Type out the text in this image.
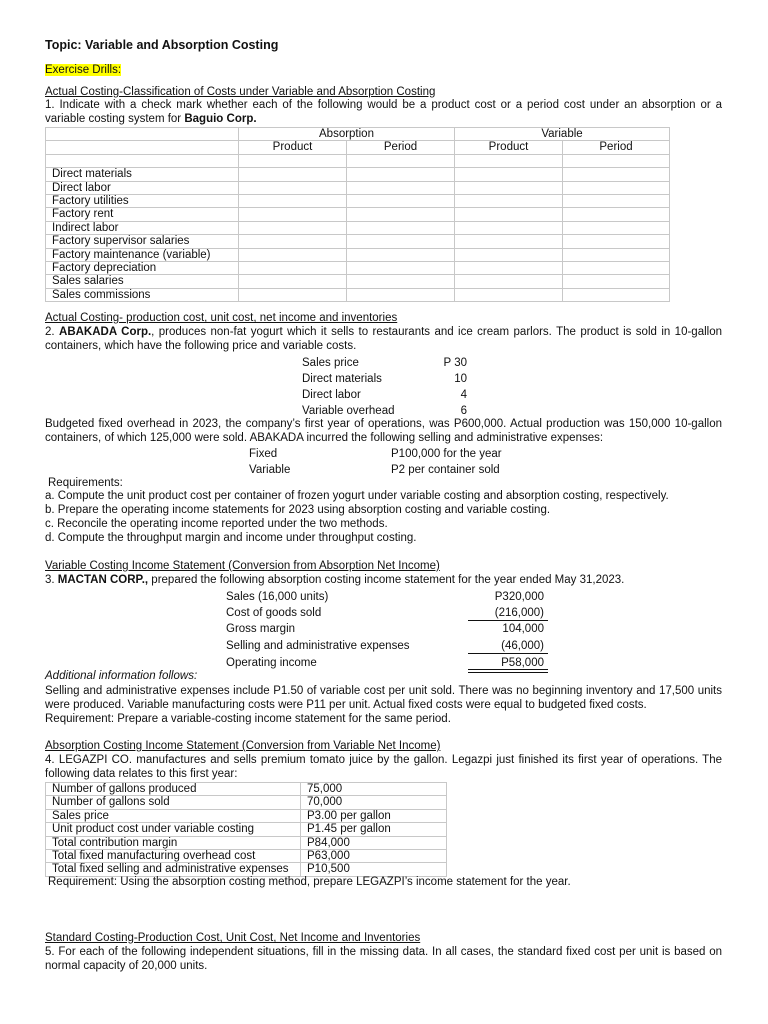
Topic: Variable and Absorption Costing
Exercise Drills:
Actual Costing-Classification of Costs under Variable and Absorption Costing
1. Indicate with a check mark whether each of the following would be a product cost or a period cost under an absorption or a variable costing system for Baguio Corp.
	Absorption		Variable	
	Product	Period	Product	Period

Direct materials				
Direct labor				
Factory utilities				
Factory rent				
Indirect labor				
Factory supervisor salaries				
Factory maintenance (variable)				
Factory depreciation				
Sales salaries				
Sales commissions				
Actual Costing- production cost, unit cost, net income and inventories
2. ABAKADA Corp., produces non-fat yogurt which it sells to restaurants and ice cream parlors. The product is sold in 10-gallon containers, which have the following price and variable costs.
Sales price	P 30
Direct materials	10
Direct labor	4
Variable overhead	6
Budgeted fixed overhead in 2023, the company’s first year of operations, was P600,000. Actual production was 150,000 10-gallon containers, of which 125,000 were sold. ABAKADA incurred the following selling and administrative expenses:
Fixed	P100,000 for the year
Variable	P2 per container sold
Requirements:
a. Compute the unit product cost per container of frozen yogurt under variable costing and absorption costing, respectively.
b. Prepare the operating income statements for 2023 using absorption costing and variable costing.
c. Reconcile the operating income reported under the two methods.
d. Compute the throughput margin and income under throughput costing.
Variable Costing Income Statement (Conversion from Absorption Net Income)
3. MACTAN CORP., prepared the following absorption costing income statement for the year ended May 31,2023.
Sales (16,000 units)	P320,000
Cost of goods sold	(216,000)
Gross margin	104,000
Selling and administrative expenses	(46,000)
Operating income	P58,000
Additional information follows:
Selling and administrative expenses include P1.50 of variable cost per unit sold. There was no beginning inventory and 17,500 units were produced. Variable manufacturing costs were P11 per unit. Actual fixed costs were equal to budgeted fixed costs.
Requirement: Prepare a variable-costing income statement for the same period.
Absorption Costing Income Statement (Conversion from Variable Net Income)
4. LEGAZPI CO. manufactures and sells premium tomato juice by the gallon. Legazpi just finished its first year of operations. The following data relates to this first year:
Number of gallons produced	75,000
Number of gallons sold	70,000
Sales price	P3.00 per gallon
Unit product cost under variable costing	P1.45 per gallon
Total contribution margin	P84,000
Total fixed manufacturing overhead cost	P63,000
Total fixed selling and administrative expenses	P10,500
Requirement: Using the absorption costing method, prepare LEGAZPI’s income statement for the year.
Standard Costing-Production Cost, Unit Cost, Net Income and Inventories
5. For each of the following independent situations, fill in the missing data. In all cases, the standard fixed cost per unit is based on normal capacity of 20,000 units.
